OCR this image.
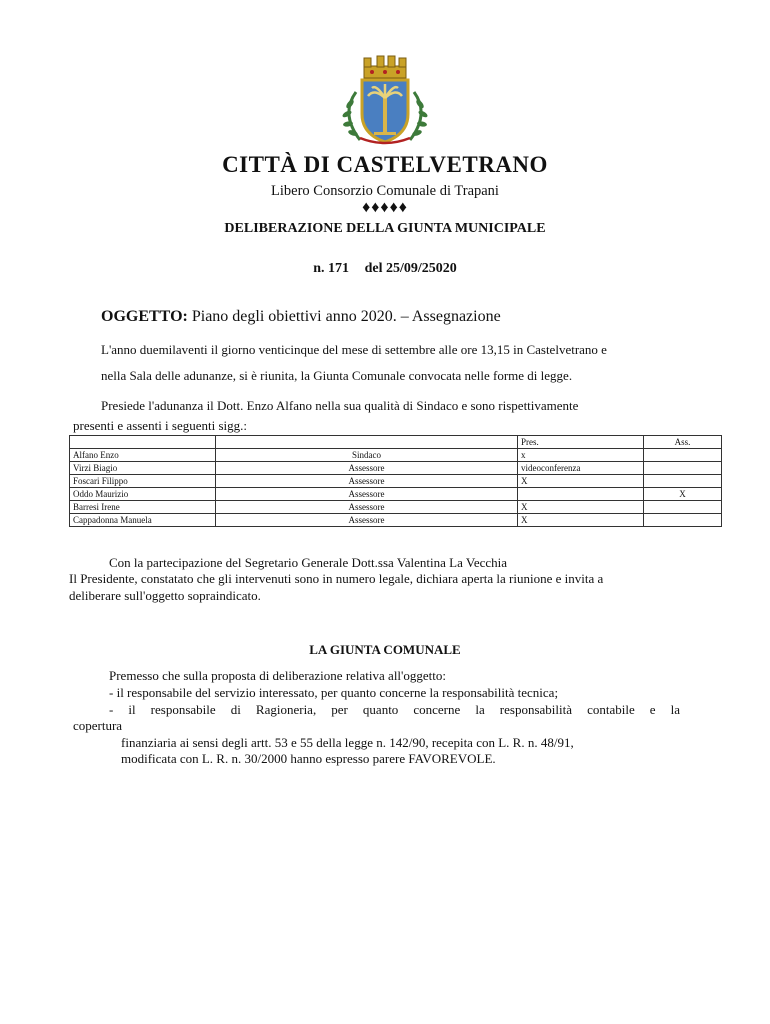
CITTÀ DI CASTELVETRANO
Libero Consorzio Comunale di Trapani
♦♦♦♦♦
DELIBERAZIONE DELLA GIUNTA MUNICIPALE
n. 171 del 25/09/25020
OGGETTO: Piano degli obiettivi anno 2020. – Assegnazione
L'anno duemilaventi il giorno venticinque del mese di settembre alle ore 13,15 in Castelvetrano e
nella Sala delle adunanze, si è riunita, la Giunta Comunale convocata nelle forme di legge.
Presiede l'adunanza il Dott. Enzo Alfano nella sua qualità di Sindaco e sono rispettivamente
presenti e assenti i seguenti sigg.:
		Pres.	Ass.
Alfano Enzo	Sindaco	x	
Virzi Biagio	Assessore	videoconferenza	
Foscari Filippo	Assessore	X	
Oddo Maurizio	Assessore		X
Barresi Irene	Assessore	X	
Cappadonna Manuela	Assessore	X	
Con la partecipazione del Segretario Generale Dott.ssa Valentina La Vecchia
Il Presidente, constatato che gli intervenuti sono in numero legale, dichiara aperta la riunione e invita a
deliberare sull'oggetto sopraindicato.
LA GIUNTA COMUNALE
Premesso che sulla proposta di deliberazione relativa all'oggetto:
- il responsabile del servizio interessato, per quanto concerne la responsabilità tecnica;
- il responsabile di Ragioneria, per quanto concerne la responsabilità contabile e la
copertura
finanziaria ai sensi degli artt. 53 e 55 della legge n. 142/90, recepita con L. R. n. 48/91,
modificata con L. R. n. 30/2000 hanno espresso parere FAVOREVOLE.
